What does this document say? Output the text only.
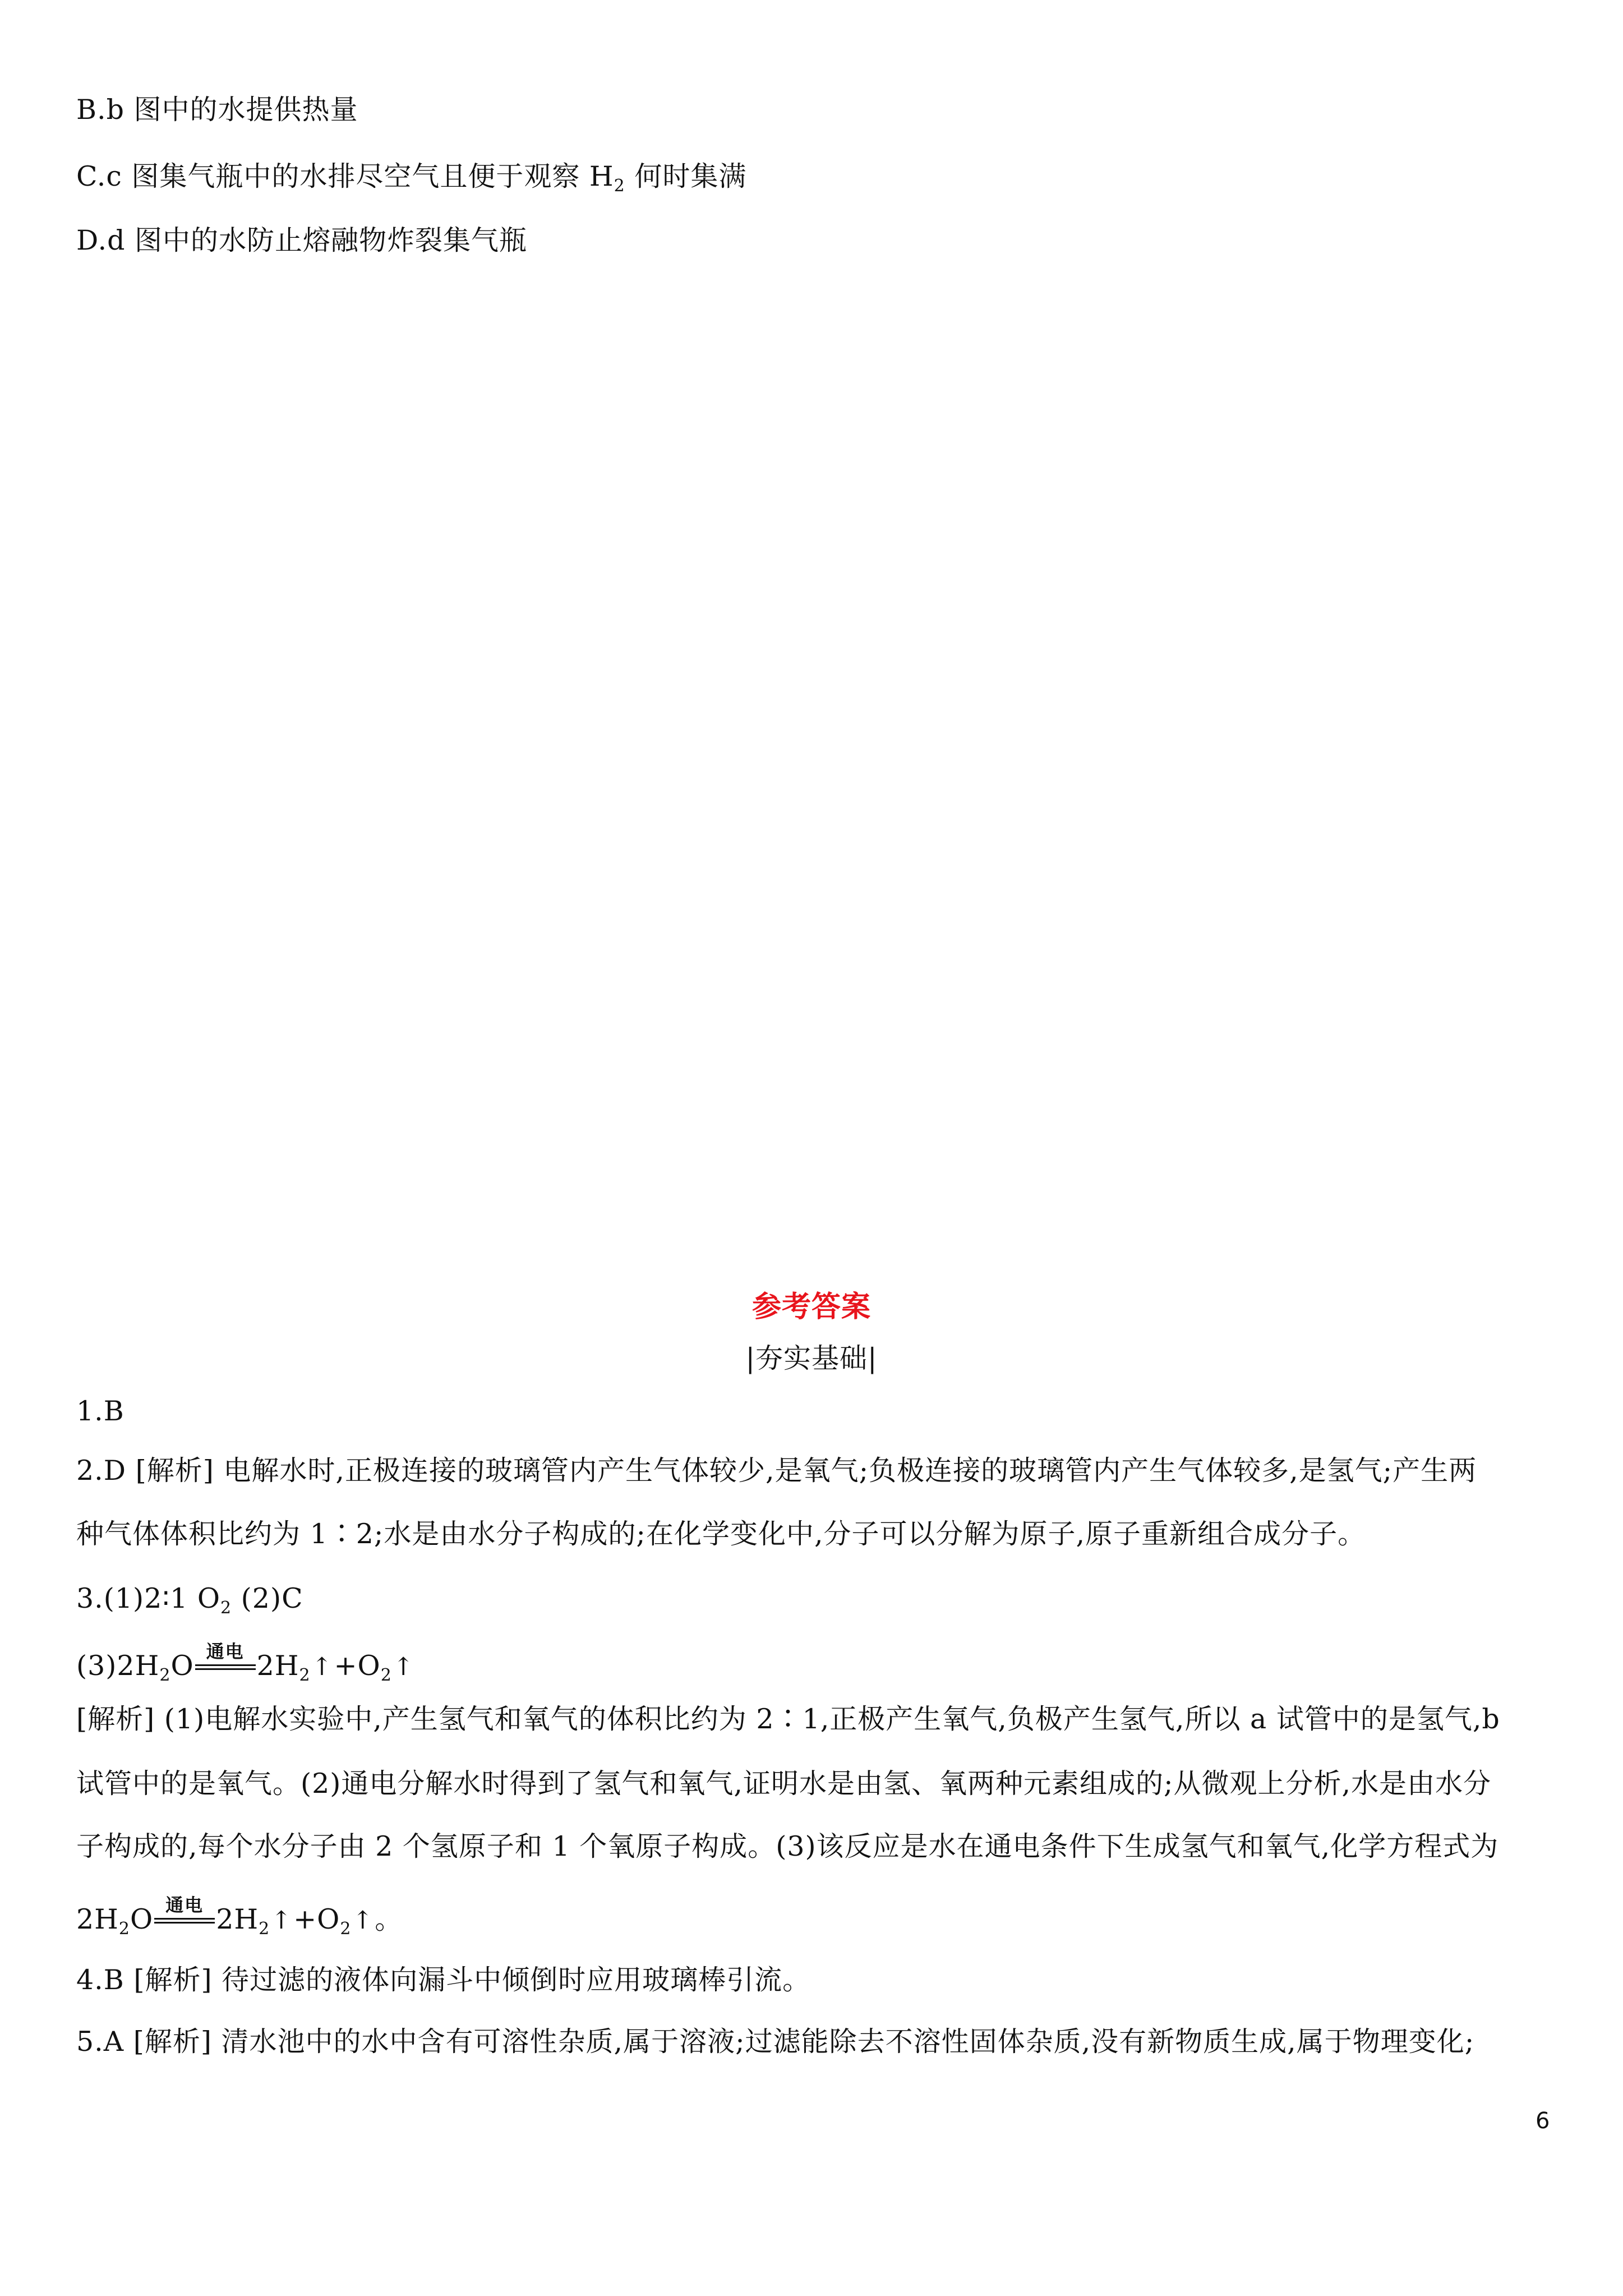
B.b 图中的水提供热量
C.c 图集气瓶中的水排尽空气且便于观察 $H_2$ 何时集满
D.d 图中的水防止熔融物炸裂集气瓶
参考答案
|夯实基础|
1.B
2.D [解析] 电解水时,正极连接的玻璃管内产生气体较少,是氧气;负极连接的玻璃管内产生气体较多,是氢气;产生两
种气体体积比约为 1∶2;水是由水分子构成的;在化学变化中,分子可以分解为原子,原子重新组合成分子。
3.(1)2∶1 $O_2$ (2)C
$(3)2H_2O$ 通电 $2H_2↑+O_2↑$
[解析] (1)电解水实验中,产生氢气和氧气的体积比约为 2∶1,正极产生氧气,负极产生氢气,所以 a 试管中的是氢气,b
试管中的是氧气。(2)通电分解水时得到了氢气和氧气,证明水是由氢、氧两种元素组成的;从微观上分析,水是由水分
子构成的,每个水分子由 2 个氢原子和 1 个氧原子构成。(3)该反应是水在通电条件下生成氢气和氧气,化学方程式为
$2H_2O$ 通电 $2H_2↑+O_2↑$。
4.B [解析] 待过滤的液体向漏斗中倾倒时应用玻璃棒引流。
5.A [解析] 清水池中的水中含有可溶性杂质,属于溶液;过滤能除去不溶性固体杂质,没有新物质生成,属于物理变化;
6
